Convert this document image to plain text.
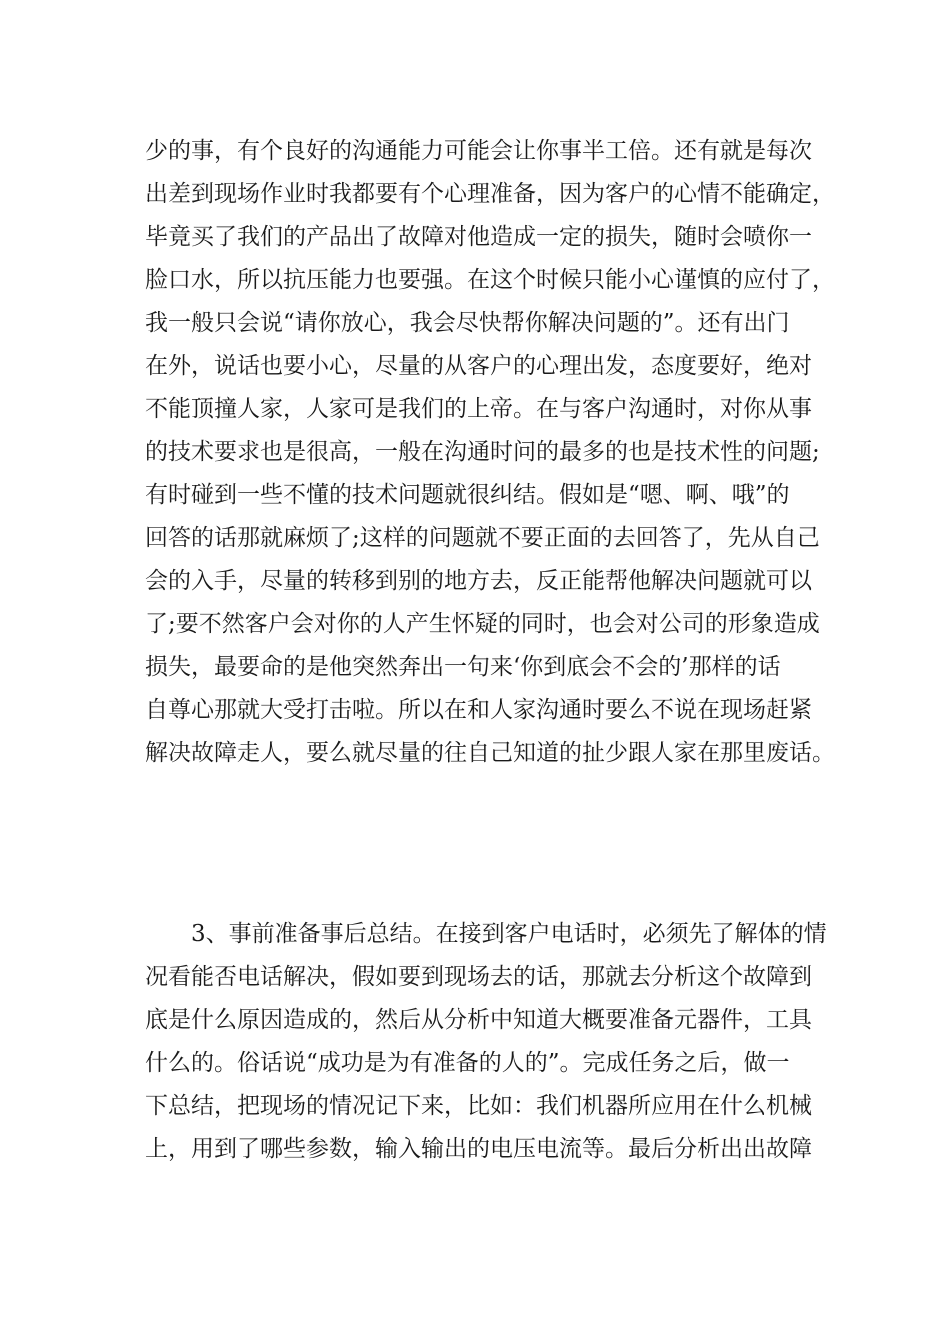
少的事，有个良好的沟通能力可能会让你事半工倍。还有就是每次
出差到现场作业时我都要有个心理准备，因为客户的心情不能确定，
毕竟买了我们的产品出了故障对他造成一定的损失，随时会喷你一
脸口水，所以抗压能力也要强。在这个时候只能小心谨慎的应付了，
我一般只会说“请你放心，我会尽快帮你解决问题的”。还有出门
在外，说话也要小心，尽量的从客户的心理出发，态度要好，绝对
不能顶撞人家，人家可是我们的上帝。在与客户沟通时，对你从事
的技术要求也是很高，一般在沟通时问的最多的也是技术性的问题;
有时碰到一些不懂的技术问题就很纠结。假如是“嗯、啊、哦”的
回答的话那就麻烦了;这样的问题就不要正面的去回答了，先从自己
会的入手，尽量的转移到别的地方去，反正能帮他解决问题就可以
了;要不然客户会对你的人产生怀疑的同时，也会对公司的形象造成
损失，最要命的是他突然奔出一句来‘你到底会不会的’那样的话
自尊心那就大受打击啦。所以在和人家沟通时要么不说在现场赶紧
解决故障走人，要么就尽量的往自己知道的扯少跟人家在那里废话。
3、事前准备事后总结。在接到客户电话时，必须先了解体的情
况看能否电话解决，假如要到现场去的话，那就去分析这个故障到
底是什么原因造成的，然后从分析中知道大概要准备元器件，工具
什么的。俗话说“成功是为有准备的人的”。完成任务之后，做一
下总结，把现场的情况记下来，比如：我们机器所应用在什么机械
上，用到了哪些参数，输入输出的电压电流等。最后分析出出故障
